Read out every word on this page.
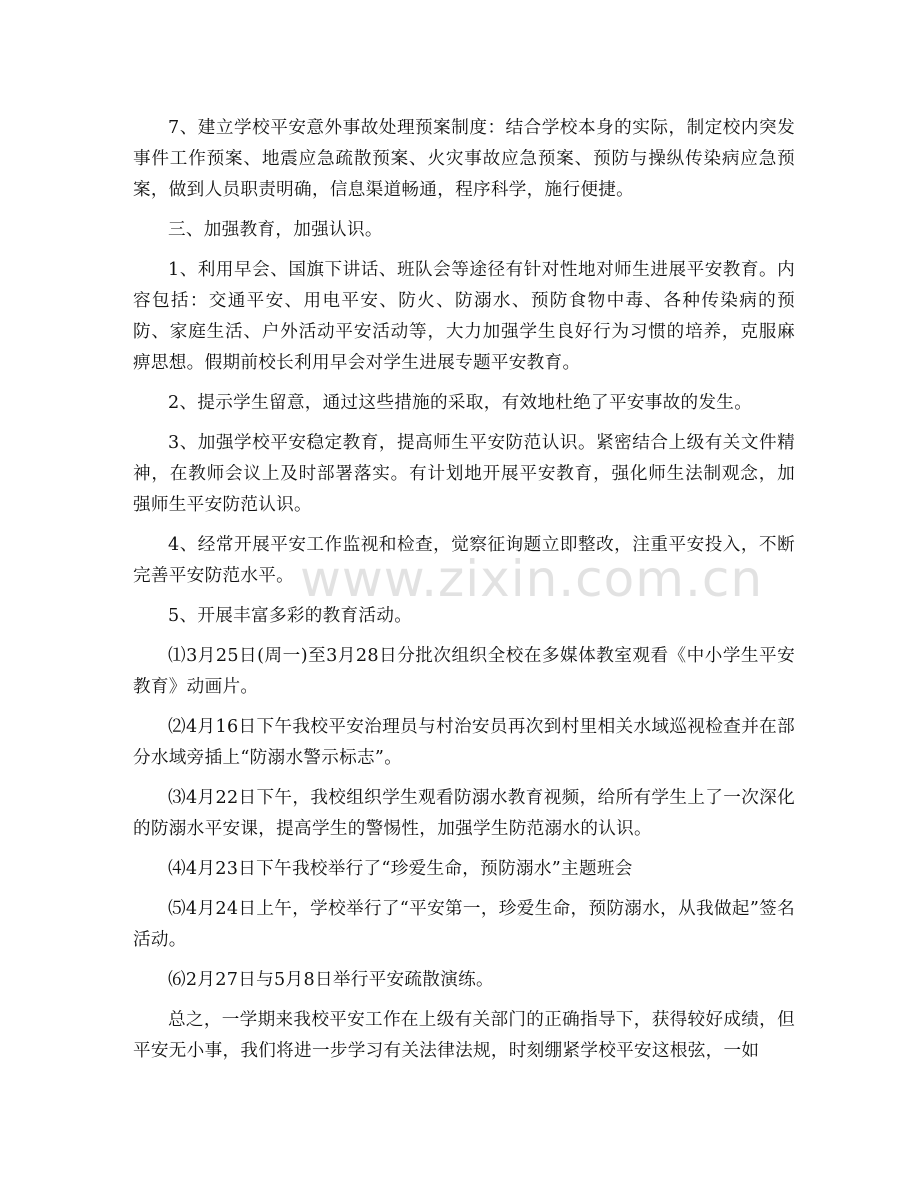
7、建立学校平安意外事故处理预案制度：结合学校本身的实际，制定校内突发事件工作预案、地震应急疏散预案、火灾事故应急预案、预防与操纵传染病应急预案，做到人员职责明确，信息渠道畅通，程序科学，施行便捷。

三、加强教育，加强认识。

1、利用早会、国旗下讲话、班队会等途径有针对性地对师生进展平安教育。内容包括：交通平安、用电平安、防火、防溺水、预防食物中毒、各种传染病的预防、家庭生活、户外活动平安活动等，大力加强学生良好行为习惯的培养，克服麻痹思想。假期前校长利用早会对学生进展专题平安教育。

2、提示学生留意，通过这些措施的采取，有效地杜绝了平安事故的发生。

3、加强学校平安稳定教育，提高师生平安防范认识。紧密结合上级有关文件精神，在教师会议上及时部署落实。有计划地开展平安教育，强化师生法制观念，加强师生平安防范认识。

4、经常开展平安工作监视和检查，觉察征询题立即整改，注重平安投入，不断完善平安防范水平。

5、开展丰富多彩的教育活动。

⑴3月25日(周一)至3月28日分批次组织全校在多媒体教室观看《中小学生平安教育》动画片。

⑵4月16日下午我校平安治理员与村治安员再次到村里相关水域巡视检查并在部分水域旁插上“防溺水警示标志”。

⑶4月22日下午，我校组织学生观看防溺水教育视频，给所有学生上了一次深化的防溺水平安课，提高学生的警惕性，加强学生防范溺水的认识。

⑷4月23日下午我校举行了“珍爱生命，预防溺水”主题班会

⑸4月24日上午，学校举行了“平安第一，珍爱生命，预防溺水，从我做起”签名活动。

⑹2月27日与5月8日举行平安疏散演练。

总之，一学期来我校平安工作在上级有关部门的正确指导下，获得较好成绩，但平安无小事，我们将进一步学习有关法律法规，时刻绷紧学校平安这根弦，一如

www.zixin.com.cn
